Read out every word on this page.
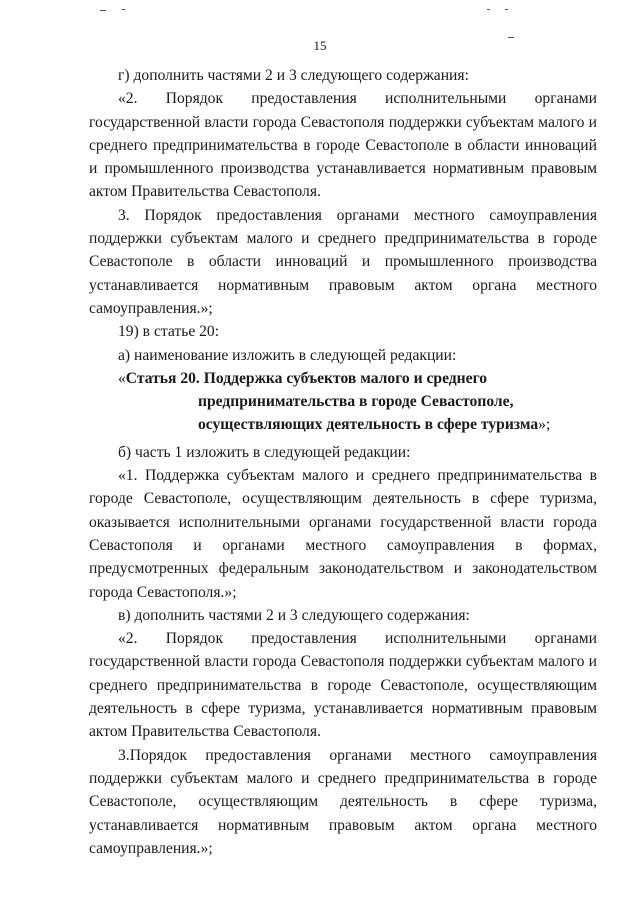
15

г) дополнить частями 2 и 3 следующего содержания:

«2. Порядок предоставления исполнительными органами государственной власти города Севастополя поддержки субъектам малого и среднего предпринимательства в городе Севастополе в области инноваций и промышленного производства устанавливается нормативным правовым актом Правительства Севастополя.

3. Порядок предоставления органами местного самоуправления поддержки субъектам малого и среднего предпринимательства в городе Севастополе в области инноваций и промышленного производства устанавливается нормативным правовым актом органа местного самоуправления.»;

19) в статье 20:

а) наименование изложить в следующей редакции:

«Статья 20. Поддержка субъектов малого и среднего
предпринимательства в городе Севастополе,
осуществляющих деятельность в сфере туризма»;

б) часть 1 изложить в следующей редакции:

«1. Поддержка субъектам малого и среднего предпринимательства в городе Севастополе, осуществляющим деятельность в сфере туризма, оказывается исполнительными органами государственной власти города Севастополя и органами местного самоуправления в формах, предусмотренных федеральным законодательством и законодательством города Севастополя.»;

в) дополнить частями 2 и 3 следующего содержания:

«2. Порядок предоставления исполнительными органами государственной власти города Севастополя поддержки субъектам малого и среднего предпринимательства в городе Севастополе, осуществляющим деятельность в сфере туризма, устанавливается нормативным правовым актом Правительства Севастополя.

3.Порядок предоставления органами местного самоуправления поддержки субъектам малого и среднего предпринимательства в городе Севастополе, осуществляющим деятельность в сфере туризма, устанавливается нормативным правовым актом органа местного самоуправления.»;
